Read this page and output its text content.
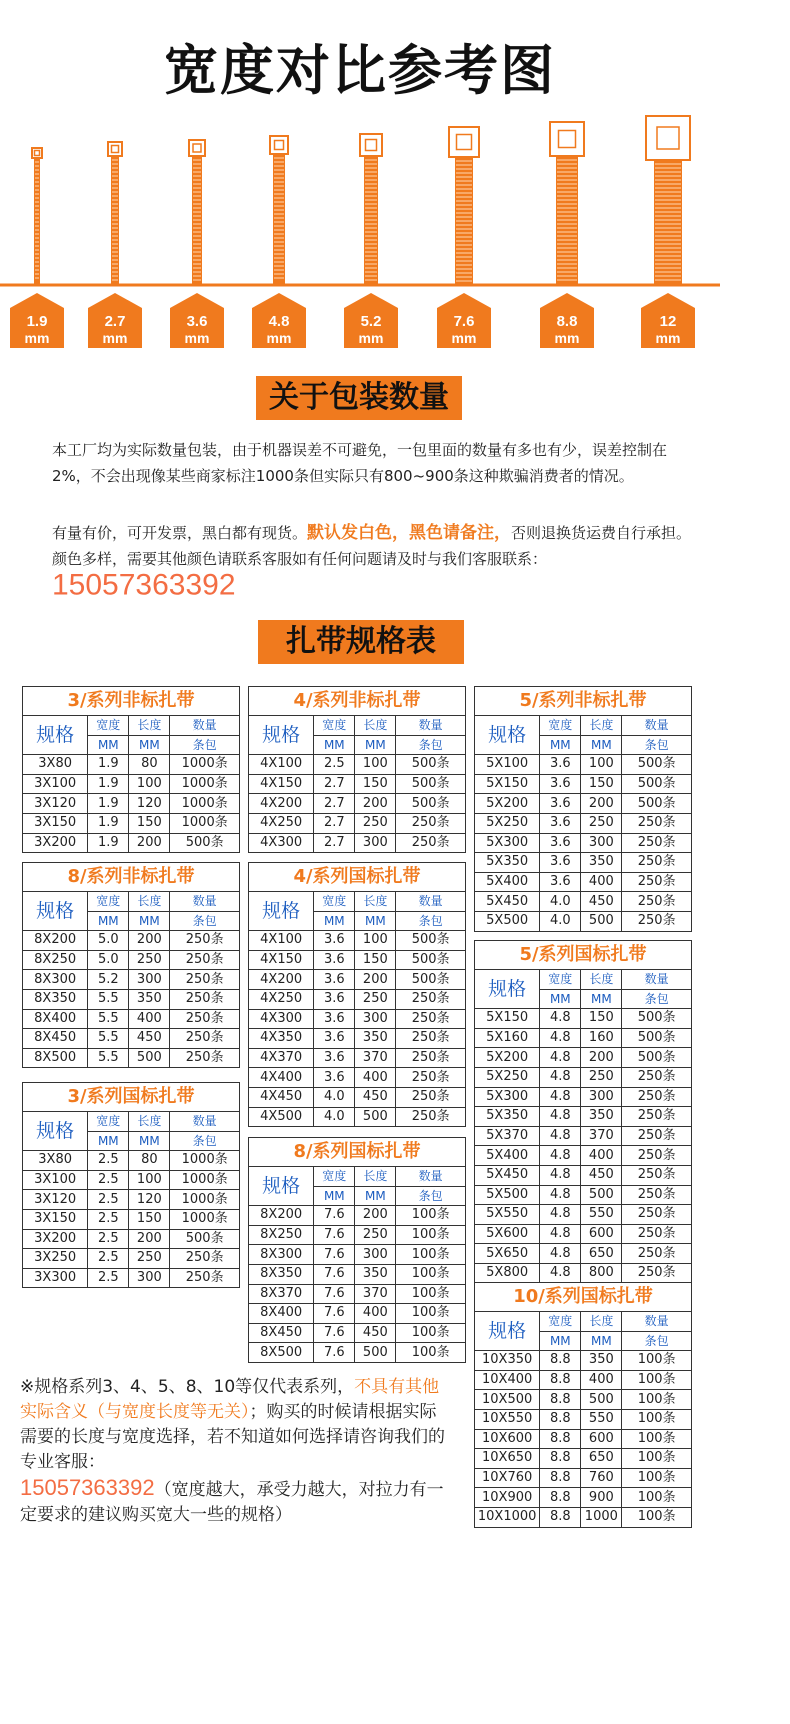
宽度对比参考图
1.9
mm
2.7
mm
3.6
mm
4.8
mm
5.2
mm
7.6
mm
8.8
mm
12
mm
关于包装数量
本工厂均为实际数量包装，由于机器误差不可避免，一包里面的数量有多也有少，误差控制在2%，不会出现像某些商家标注1000条但实际只有800~900条这种欺骗消费者的情况。
有量有价，可开发票，黑白都有现货。默认发白色，黑色请备注，否则退换货运费自行承担。颜色多样，需要其他颜色请联系客服如有任何问题请及时与我们客服联系： 15057363392
扎带规格表
3/系列非标扎带
规格	宽度	长度	数量
	MM	MM	条包
3X80	1.9	80	1000条
3X100	1.9	100	1000条
3X120	1.9	120	1000条
3X150	1.9	150	1000条
3X200	1.9	200	500条
4/系列非标扎带
规格	宽度	长度	数量
	MM	MM	条包
4X100	2.5	100	500条
4X150	2.7	150	500条
4X200	2.7	200	500条
4X250	2.7	250	250条
4X300	2.7	300	250条
5/系列非标扎带
规格	宽度	长度	数量
	MM	MM	条包
5X100	3.6	100	500条
5X150	3.6	150	500条
5X200	3.6	200	500条
5X250	3.6	250	250条
5X300	3.6	300	250条
5X350	3.6	350	250条
5X400	3.6	400	250条
5X450	4.0	450	250条
5X500	4.0	500	250条
8/系列非标扎带
规格	宽度	长度	数量
	MM	MM	条包
8X200	5.0	200	250条
8X250	5.0	250	250条
8X300	5.2	300	250条
8X350	5.5	350	250条
8X400	5.5	400	250条
8X450	5.5	450	250条
8X500	5.5	500	250条
4/系列国标扎带
规格	宽度	长度	数量
	MM	MM	条包
4X100	3.6	100	500条
4X150	3.6	150	500条
4X200	3.6	200	500条
4X250	3.6	250	250条
4X300	3.6	300	250条
4X350	3.6	350	250条
4X370	3.6	370	250条
4X400	3.6	400	250条
4X450	4.0	450	250条
4X500	4.0	500	250条
5/系列国标扎带
规格	宽度	长度	数量
	MM	MM	条包
5X150	4.8	150	500条
5X160	4.8	160	500条
5X200	4.8	200	500条
5X250	4.8	250	250条
5X300	4.8	300	250条
5X350	4.8	350	250条
5X370	4.8	370	250条
5X400	4.8	400	250条
5X450	4.8	450	250条
5X500	4.8	500	250条
5X550	4.8	550	250条
5X600	4.8	600	250条
5X650	4.8	650	250条
5X800	4.8	800	250条
3/系列国标扎带
规格	宽度	长度	数量
	MM	MM	条包
3X80	2.5	80	1000条
3X100	2.5	100	1000条
3X120	2.5	120	1000条
3X150	2.5	150	1000条
3X200	2.5	200	500条
3X250	2.5	250	250条
3X300	2.5	300	250条
8/系列国标扎带
规格	宽度	长度	数量
	MM	MM	条包
8X200	7.6	200	100条
8X250	7.6	250	100条
8X300	7.6	300	100条
8X350	7.6	350	100条
8X370	7.6	370	100条
8X400	7.6	400	100条
8X450	7.6	450	100条
8X500	7.6	500	100条
10/系列国标扎带
规格	宽度	长度	数量
	MM	MM	条包
10X350	8.8	350	100条
10X400	8.8	400	100条
10X500	8.8	500	100条
10X550	8.8	550	100条
10X600	8.8	600	100条
10X650	8.8	650	100条
10X760	8.8	760	100条
10X900	8.8	900	100条
10X1000	8.8	1000	100条
※规格系列3、4、5、8、10等仅代表系列，不具有其他实际含义（与宽度长度等无关）；购买的时候请根据实际需要的长度与宽度选择，若不知道如何选择请咨询我们的专业客服：
15057363392（宽度越大，承受力越大，对拉力有一定要求的建议购买宽大一些的规格）
